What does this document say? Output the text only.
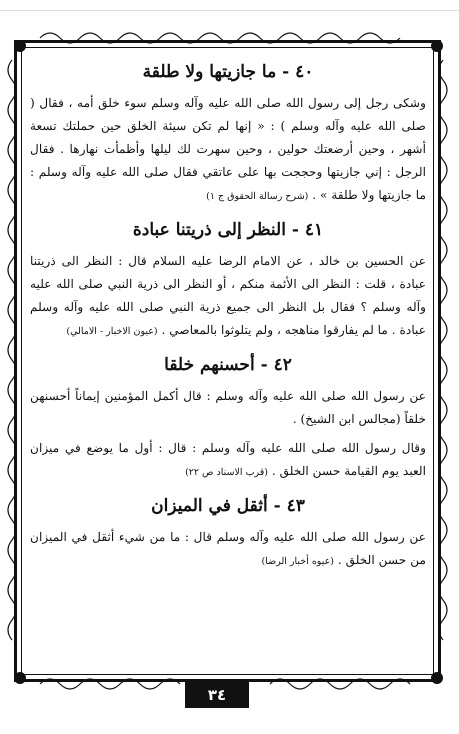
٤٠ - ما جازيتها ولا طلقة

وشكى رجل إلى رسول الله صلى الله عليه وآله وسلم سوء خلق أمه ، فقال ( صلى الله عليه وآله وسلم ) : « إنها لم تكن سيئة الخلق حين حملتك تسعة أشهر ، وحين أرضعتك حولين ، وحين سهرت لك ليلها وأظمأت نهارها . فقال الرجل : إني جازيتها وحججت بها على عاتقي فقال صلى الله عليه وآله وسلم : ما جازيتها ولا طلقة » . (شرح رسالة الحقوق ج ١)

٤١ - النظر إلى ذريتنا عبادة

عن الحسين بن خالد ، عن الامام الرضا عليه السلام قال : النظر الى ذريتنا عبادة ، قلت : النظر الى الأئمة منكم ، أو النظر الى ذرية النبي صلى الله عليه وآله وسلم ؟ فقال بل النظر الى جميع ذرية النبي صلى الله عليه وآله وسلم عبادة . ما لم يفارقوا مناهجه ، ولم يتلوثوا بالمعاصي . (عيون الاخبار - الامالي)

٤٢ - أحسنهم خلقا

عن رسول الله صلى الله عليه وآله وسلم : قال أكمل المؤمنين إيماناً أحسنهن خلقاً (مجالس ابن الشيخ) .

وقال رسول الله صلى الله عليه وآله وسلم : قال : أول ما يوضع في ميزان العبد يوم القيامة حسن الخلق . (قرب الاسناد ص ٢٢)

٤٣ - أثقل في الميزان

عن رسول الله صلى الله عليه وآله وسلم قال : ما من شيء أثقل في الميزان من حسن الخلق . (عيوه أخبار الرضا)

٣٤
